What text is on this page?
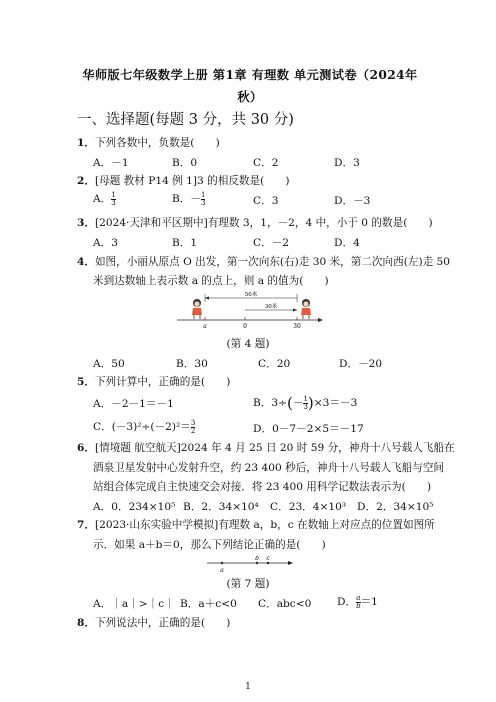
华师版七年级数学上册 第1章 有理数 单元测试卷（2024年
秋）
一、选择题(每题 3 分，共 30 分)
1．下列各数中，负数是(　　)
A．－1	B．0	C．2	D．3
2．[母题 教材 P14 例 1]3 的相反数是(　　)
A． $\frac{1}{3}$	B．－ $\frac{1}{3}$	C．3	D．－3
3．[2024·天津和平区期中]有理数 3，1，－2，4 中，小于 0 的数是(　　)
A．3	B．1	C．－2	D．4
4．如图，小丽从原点 O 出发，第一次向东(右)走 30 米，第二次向西(左)走 50
米到达数轴上表示数 a 的点上，则 a 的值为(　　)
50米
30米
a	0	30
(第 4 题)
A．50	B．30	C．20	D．－20
5．下列计算中，正确的是(　　)
A．－2－1＝－1	B．$3\div(- \frac{1}{3} )\times 3=-3$
C．$(-3)^2\div(-2)^2= \frac{3}{2}$	D．0－7－2×5＝－17
6．[情境题 航空航天]2024 年 4 月 25 日 20 时 59 分，神舟十八号载人飞船在
酒泉卫星发射中心发射升空，约 23 400 秒后，神舟十八号载人飞船与空间
站组合体完成自主快速交会对接．将 23 400 用科学记数法表示为(　　)
A．0．234×10⁵ B．2．34×10⁴ C．23．4×10³ D．2．34×10⁵
7．[2023·山东实验中学模拟]有理数 a，b，c 在数轴上对应点的位置如图所
示．如果 a＋b＝0，那么下列结论正确的是(　　)
a
b c
(第 7 题)
A．｜a｜>｜c｜ B．a＋c<0 C．abc<0 D． $\frac{a}{b} =1$
8．下列说法中，正确的是(　　)
1
